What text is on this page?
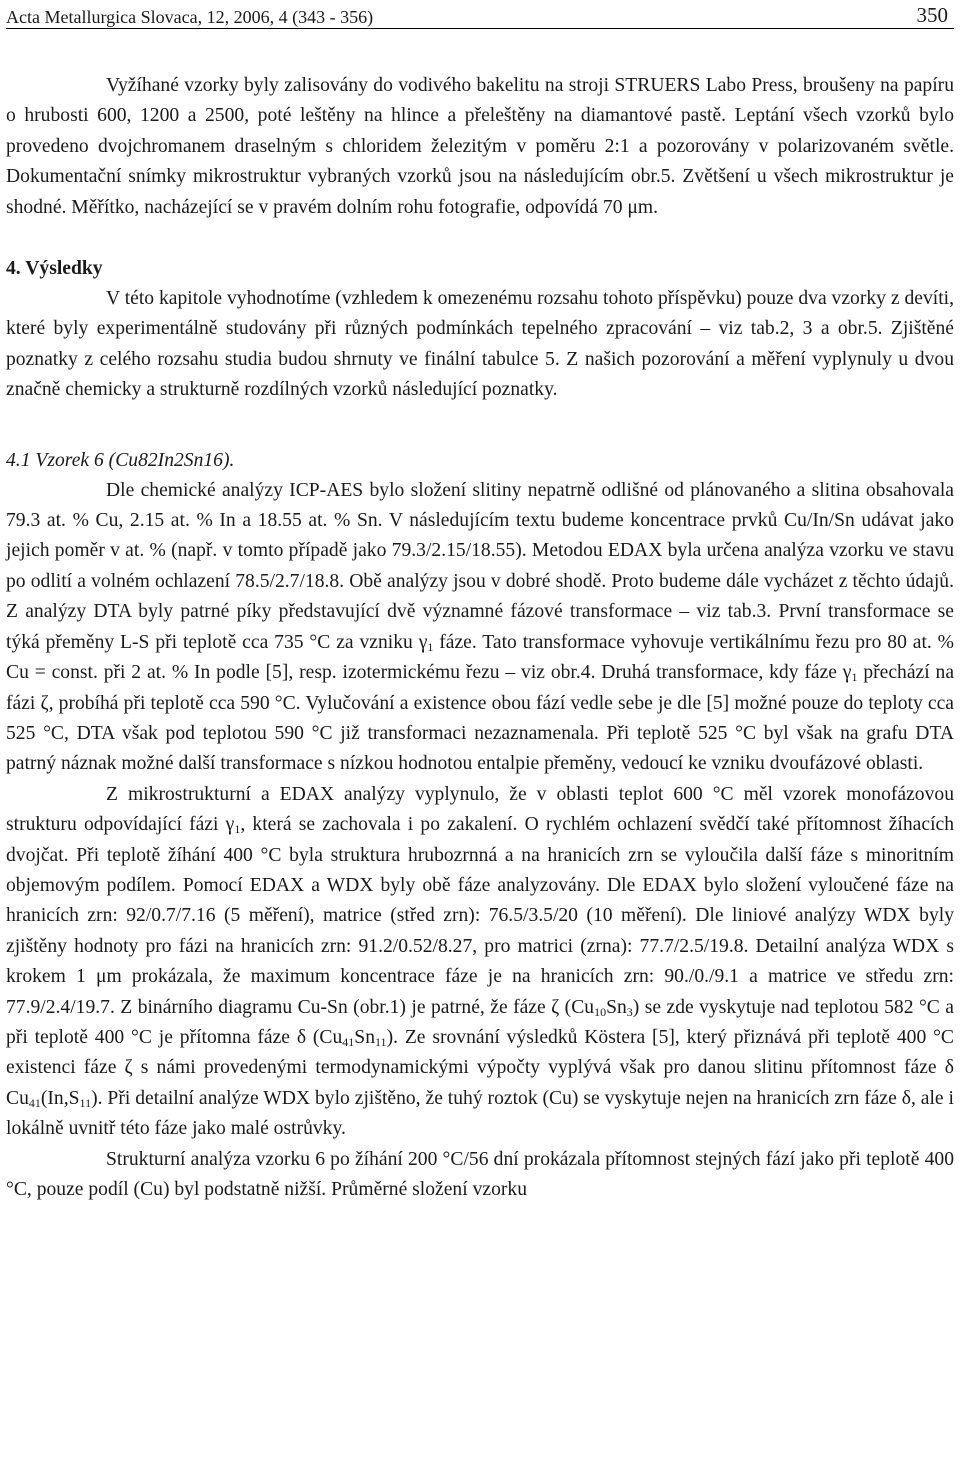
Acta Metallurgica Slovaca, 12, 2006, 4 (343 - 356)	350

Vyžíhané vzorky byly zalisovány do vodivého bakelitu na stroji STRUERS Labo Press, broušeny na papíru o hrubosti 600, 1200 a 2500, poté leštěny na hlince a přeleštěny na diamantové pastě. Leptání všech vzorků bylo provedeno dvojchromanem draselným s chloridem železitým v poměru 2:1 a pozorovány v polarizovaném světle. Dokumentační snímky mikrostruktur vybraných vzorků jsou na následujícím obr.5. Zvětšení u všech mikrostruktur je shodné. Měřítko, nacházející se v pravém dolním rohu fotografie, odpovídá 70 μm.

4. Výsledky

V této kapitole vyhodnotíme (vzhledem k omezenému rozsahu tohoto příspěvku) pouze dva vzorky z devíti, které byly experimentálně studovány při různých podmínkách tepelného zpracování – viz tab.2, 3 a obr.5. Zjištěné poznatky z celého rozsahu studia budou shrnuty ve finální tabulce 5. Z našich pozorování a měření vyplynuly u dvou značně chemicky a strukturně rozdílných vzorků následující poznatky.

4.1 Vzorek 6 (Cu82In2Sn16).

Dle chemické analýzy ICP-AES bylo složení slitiny nepatrně odlišné od plánovaného a slitina obsahovala 79.3 at. % Cu, 2.15 at. % In a 18.55 at. % Sn. V následujícím textu budeme koncentrace prvků Cu/In/Sn udávat jako jejich poměr v at. % (např. v tomto případě jako 79.3/2.15/18.55). Metodou EDAX byla určena analýza vzorku ve stavu po odlití a volném ochlazení 78.5/2.7/18.8. Obě analýzy jsou v dobré shodě. Proto budeme dále vycházet z těchto údajů. Z analýzy DTA byly patrné píky představující dvě významné fázové transformace – viz tab.3. První transformace se týká přeměny L-S při teplotě cca 735 °C za vzniku $\gamma_1$ fáze. Tato transformace vyhovuje vertikálnímu řezu pro 80 at. % Cu = const. při 2 at. % In podle [5], resp. izotermickému řezu – viz obr.4. Druhá transformace, kdy fáze $\gamma_1$ přechází na fázi ζ, probíhá při teplotě cca 590 °C. Vylučování a existence obou fází vedle sebe je dle [5] možné pouze do teploty cca 525 °C, DTA však pod teplotou 590 °C již transformaci nezaznamenala. Při teplotě 525 °C byl však na grafu DTA patrný náznak možné další transformace s nízkou hodnotou entalpie přeměny, vedoucí ke vzniku dvoufázové oblasti.

Z mikrostrukturní a EDAX analýzy vyplynulo, že v oblasti teplot 600 °C měl vzorek monofázovou strukturu odpovídající fázi $\gamma_1$, která se zachovala i po zakalení. O rychlém ochlazení svědčí také přítomnost žíhacích dvojčat. Při teplotě žíhání 400 °C byla struktura hrubozrnná a na hranicích zrn se vyloučila další fáze s minoritním objemovým podílem. Pomocí EDAX a WDX byly obě fáze analyzovány. Dle EDAX bylo složení vyloučené fáze na hranicích zrn: 92/0.7/7.16 (5 měření), matrice (střed zrn): 76.5/3.5/20 (10 měření). Dle liniové analýzy WDX byly zjištěny hodnoty pro fázi na hranicích zrn: 91.2/0.52/8.27, pro matrici (zrna): 77.7/2.5/19.8. Detailní analýza WDX s krokem 1 μm prokázala, že maximum koncentrace fáze je na hranicích zrn: 90./0./9.1 a matrice ve středu zrn: 77.9/2.4/19.7. Z binárního diagramu Cu-Sn (obr.1) je patrné, že fáze ζ $(Cu_{10}Sn_3)$ se zde vyskytuje nad teplotou 582 °C a při teplotě 400 °C je přítomna fáze δ $(Cu_{41}Sn_{11})$. Ze srovnání výsledků Köstera [5], který přiznává při teplotě 400 °C existenci fáze ζ s námi provedenými termodynamickými výpočty vyplývá však pro danou slitinu přítomnost fáze δ $Cu_{41}(In,S_{11})$. Při detailní analýze WDX bylo zjištěno, že tuhý roztok (Cu) se vyskytuje nejen na hranicích zrn fáze δ, ale i lokálně uvnitř této fáze jako malé ostrůvky.

Strukturní analýza vzorku 6 po žíhání 200 °C/56 dní prokázala přítomnost stejných fází jako při teplotě 400 °C, pouze podíl (Cu) byl podstatně nižší. Průměrné složení vzorku
